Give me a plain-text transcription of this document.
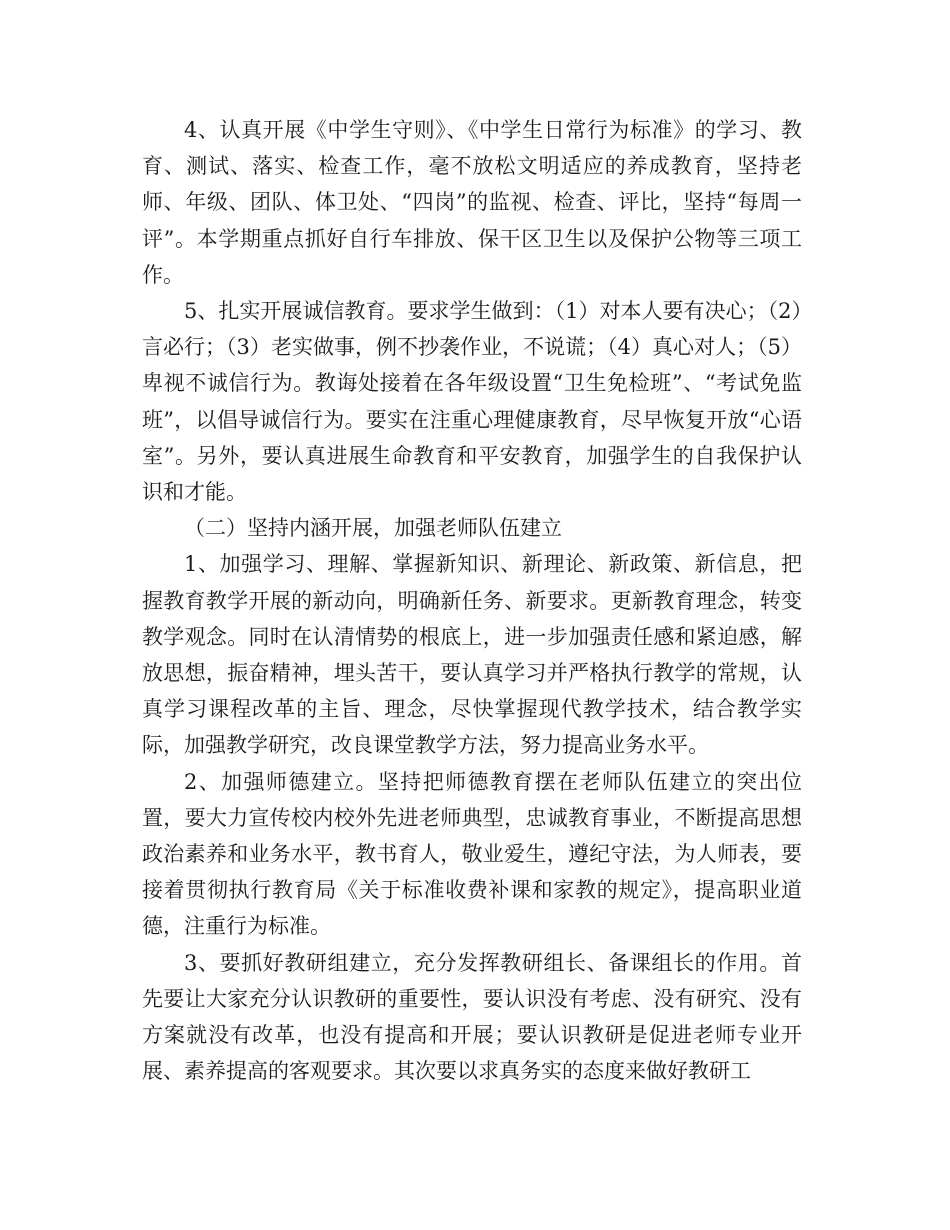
4、认真开展《中学生守则》、《中学生日常行为标准》的学习、教育、测试、落实、检查工作，毫不放松文明适应的养成教育，坚持老师、年级、团队、体卫处、“四岗”的监视、检查、评比，坚持“每周一评”。本学期重点抓好自行车排放、保干区卫生以及保护公物等三项工作。

5、扎实开展诚信教育。要求学生做到：（1）对本人要有决心；（2）言必行；（3）老实做事，例不抄袭作业，不说谎；（4）真心对人；（5）卑视不诚信行为。教诲处接着在各年级设置“卫生免检班”、“考试免监班”，以倡导诚信行为。要实在注重心理健康教育，尽早恢复开放“心语室”。另外，要认真进展生命教育和平安教育，加强学生的自我保护认识和才能。

（二）坚持内涵开展，加强老师队伍建立

1、加强学习、理解、掌握新知识、新理论、新政策、新信息，把握教育教学开展的新动向，明确新任务、新要求。更新教育理念，转变教学观念。同时在认清情势的根底上，进一步加强责任感和紧迫感，解放思想，振奋精神，埋头苦干，要认真学习并严格执行教学的常规，认真学习课程改革的主旨、理念，尽快掌握现代教学技术，结合教学实际，加强教学研究，改良课堂教学方法，努力提高业务水平。

2、加强师德建立。坚持把师德教育摆在老师队伍建立的突出位置，要大力宣传校内校外先进老师典型，忠诚教育事业，不断提高思想政治素养和业务水平，教书育人，敬业爱生，遵纪守法，为人师表，要接着贯彻执行教育局《关于标准收费补课和家教的规定》，提高职业道德，注重行为标准。

3、要抓好教研组建立，充分发挥教研组长、备课组长的作用。首先要让大家充分认识教研的重要性，要认识没有考虑、没有研究、没有方案就没有改革，也没有提高和开展；要认识教研是促进老师专业开展、素养提高的客观要求。其次要以求真务实的态度来做好教研工
